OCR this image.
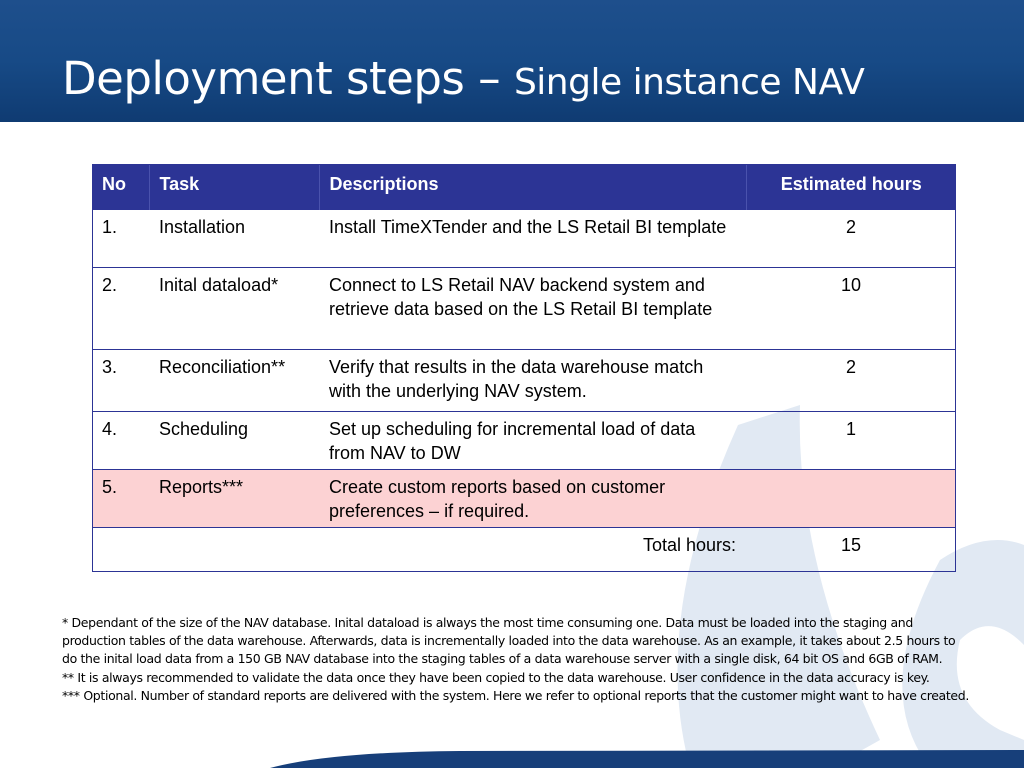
Deployment steps – Single instance NAV
No	Task	Descriptions	Estimated hours
1.	Installation	Install TimeXTender and the LS Retail BI template	2
2.	Inital dataload*	Connect to LS Retail NAV backend system and retrieve data based on the LS Retail BI template	10
3.	Reconciliation**	Verify that results in the data warehouse match with the underlying NAV system.	2
4.	Scheduling	Set up scheduling for incremental load of data from NAV to DW	1
5.	Reports***	Create custom reports based on customer preferences – if required.	
Total hours:			15

* Dependant of the size of the NAV database. Inital dataload is always the most time consuming one. Data must be loaded into the staging and production tables of the data warehouse. Afterwards, data is incrementally loaded into the data warehouse. As an example, it takes about 2.5 hours to do the inital load data from a 150 GB NAV database into the staging tables of a data warehouse server with a single disk, 64 bit OS and 6GB of RAM.

** It is always recommended to validate the data once they have been copied to the data warehouse. User confidence in the data accuracy is key.

*** Optional. Number of standard reports are delivered with the system. Here we refer to optional reports that the customer might want to have created.
